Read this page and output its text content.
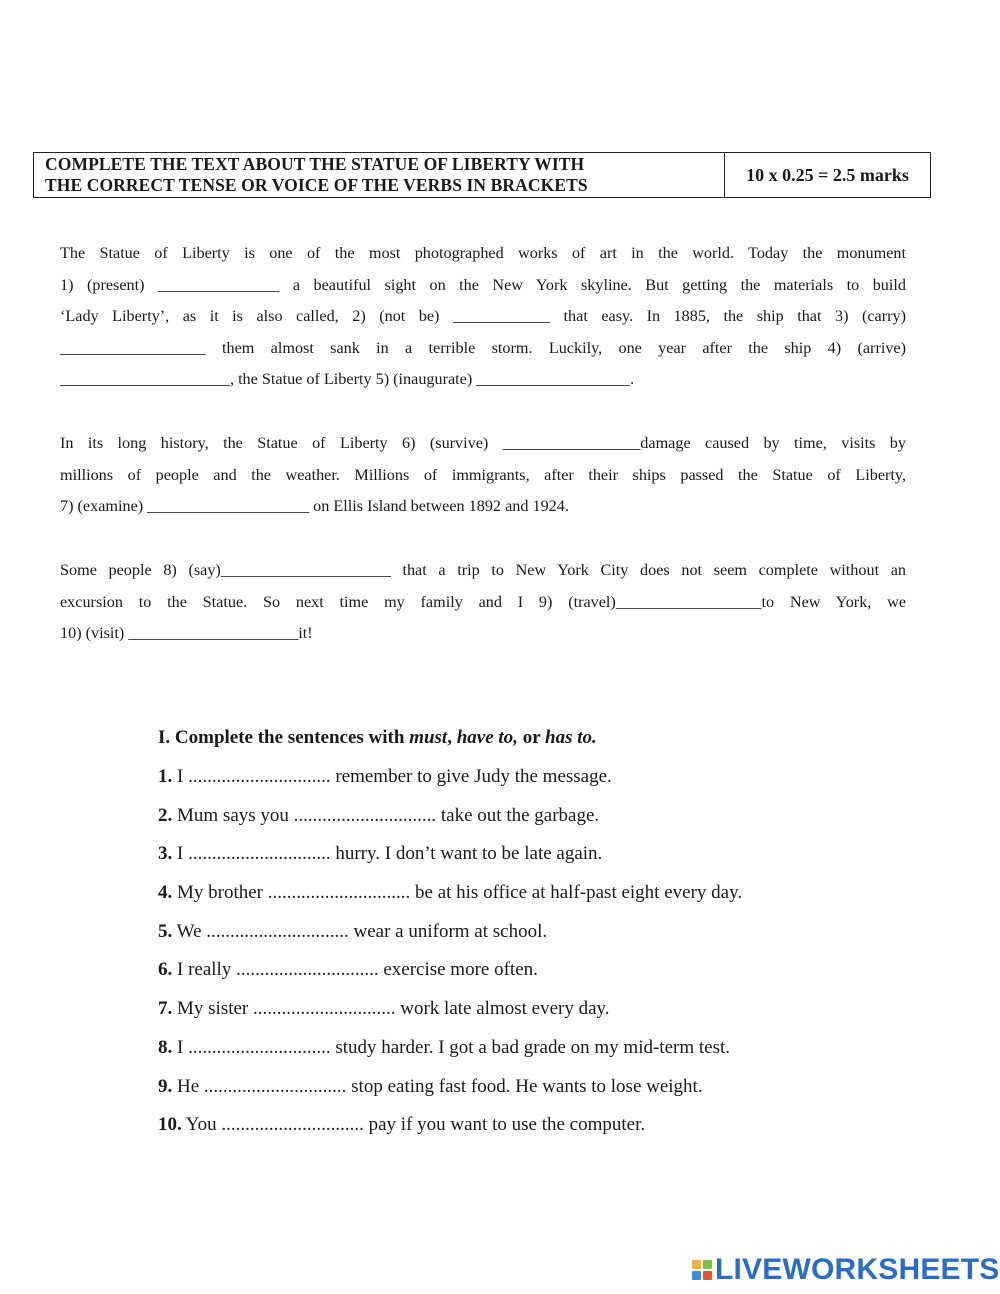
COMPLETE THE TEXT ABOUT THE STATUE OF LIBERTY WITH
THE CORRECT TENSE OR VOICE OF THE VERBS IN BRACKETS
10 x 0.25 = 2.5 marks
The Statue of Liberty is one of the most photographed works of art in the world. Today the monument
1) (present) _______________ a beautiful sight on the New York skyline. But getting the materials to build
‘Lady Liberty’, as it is also called, 2) (not be) ____________ that easy. In 1885, the ship that 3) (carry)
__________________ them almost sank in a terrible storm. Luckily, one year after the ship 4) (arrive)
_____________________, the Statue of Liberty 5) (inaugurate) ___________________.
In its long history, the Statue of Liberty 6) (survive) _________________damage caused by time, visits by
millions of people and the weather. Millions of immigrants, after their ships passed the Statue of Liberty,
7) (examine) ____________________ on Ellis Island between 1892 and 1924.
Some people 8) (say)_____________________ that a trip to New York City does not seem complete without an
excursion to the Statue. So next time my family and I 9) (travel)__________________to New York, we
10) (visit) _____________________it!
I. Complete the sentences with must, have to, or has to.
1. I .............................. remember to give Judy the message.
2. Mum says you .............................. take out the garbage.
3. I .............................. hurry. I don’t want to be late again.
4. My brother .............................. be at his office at half-past eight every day.
5. We .............................. wear a uniform at school.
6. I really .............................. exercise more often.
7. My sister .............................. work late almost every day.
8. I .............................. study harder. I got a bad grade on my mid-term test.
9. He .............................. stop eating fast food. He wants to lose weight.
10. You .............................. pay if you want to use the computer.
LIVEWORKSHEETS
